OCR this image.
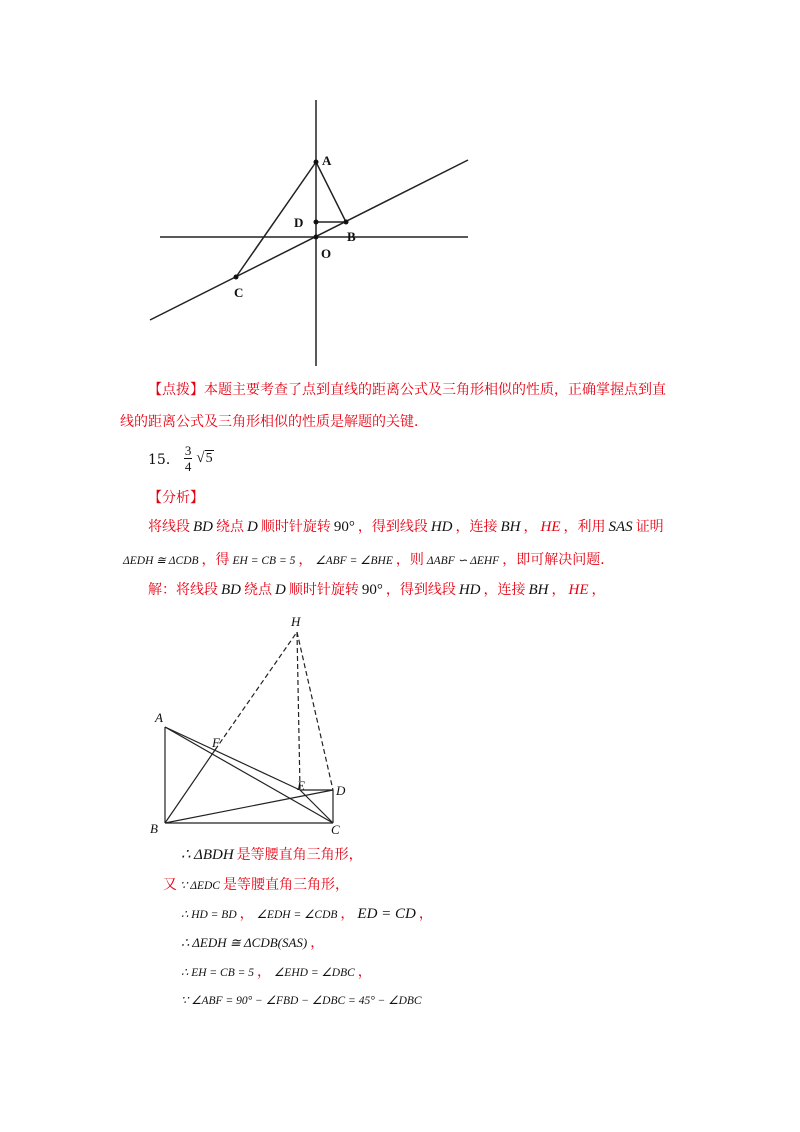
A
D
B
O
C
H
A
F
E D
B	C
【点拨】本题主要考查了点到直线的距离公式及三角形相似的性质，正确掌握点到直
线的距离公式及三角形相似的性质是解题的关键．
15． $\frac{3}{4}$ √ 5
【分析】
将线段 BD 绕点 D 顺时针旋转 90° ，得到线段 HD ，连接 BH ， HE ，利用 SAS 证明
ΔEDH ≅ ΔCDB ，得 EH = CB = 5 ， ∠ABF = ∠BHE ，则 ΔABF ∽ ΔEHF ，即可解决问题．
解：将线段 BD 绕点 D 顺时针旋转 90° ，得到线段 HD ，连接 BH ， HE ，
∴ ΔBDH 是等腰直角三角形，
又 ∵ ΔEDC 是等腰直角三角形，
∴ HD = BD ， ∠EDH = ∠CDB ， ED = CD ，
∴ ΔEDH ≅ ΔCDB(SAS) ，
∴ EH = CB = 5 ， ∠EHD = ∠DBC ，
∵ ∠ABF = 90° − ∠FBD − ∠DBC = 45° − ∠DBC
